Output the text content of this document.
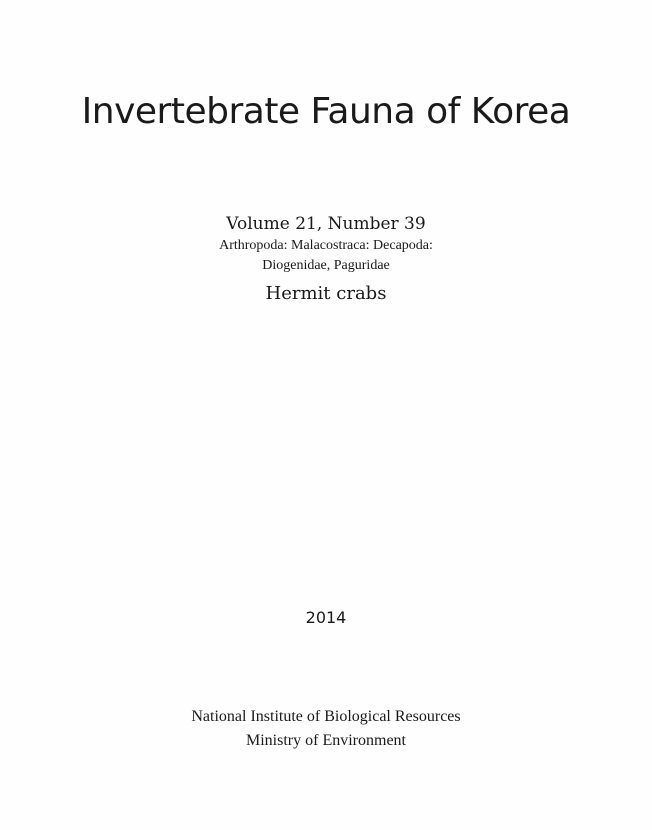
Invertebrate Fauna of Korea

Volume 21, Number 39

Arthropoda: Malacostraca: Decapoda:

Diogenidae, Paguridae

Hermit crabs

2014

National Institute of Biological Resources

Ministry of Environment
